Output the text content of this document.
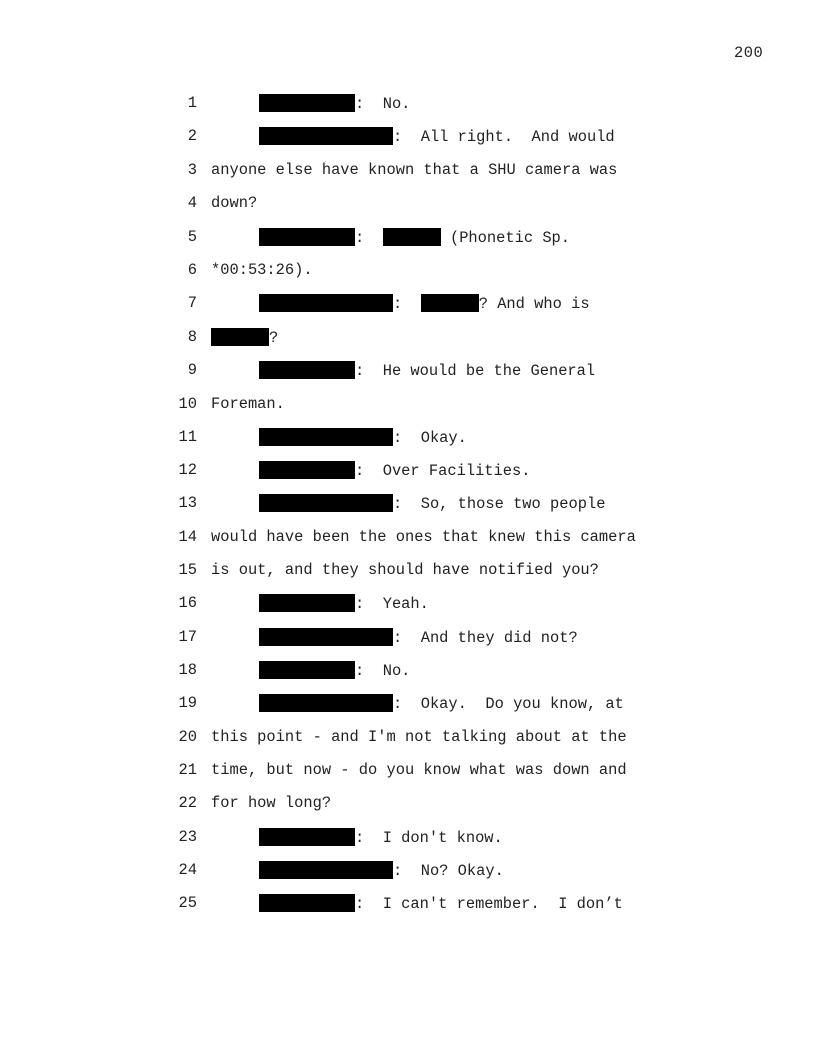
200

1

	:  No.

2

	:  All right.  And would

3

anyone else have known that a SHU camera was

4

down?

5

	:	(Phonetic Sp.

6

*00:53:26).

7

	:	? And who is

8

	?

9

	:  He would be the General

10

Foreman.

11

	:  Okay.

12

	:  Over Facilities.

13

	:  So, those two people

14

would have been the ones that knew this camera

15

is out, and they should have notified you?

16

	:  Yeah.

17

	:  And they did not?

18

	:  No.

19

	:  Okay.  Do you know, at

20

this point - and I'm not talking about at the

21

time, but now - do you know what was down and

22

for how long?

23

	:  I don't know.

24

	:  No? Okay.

25

	:  I can't remember.  I don’t
